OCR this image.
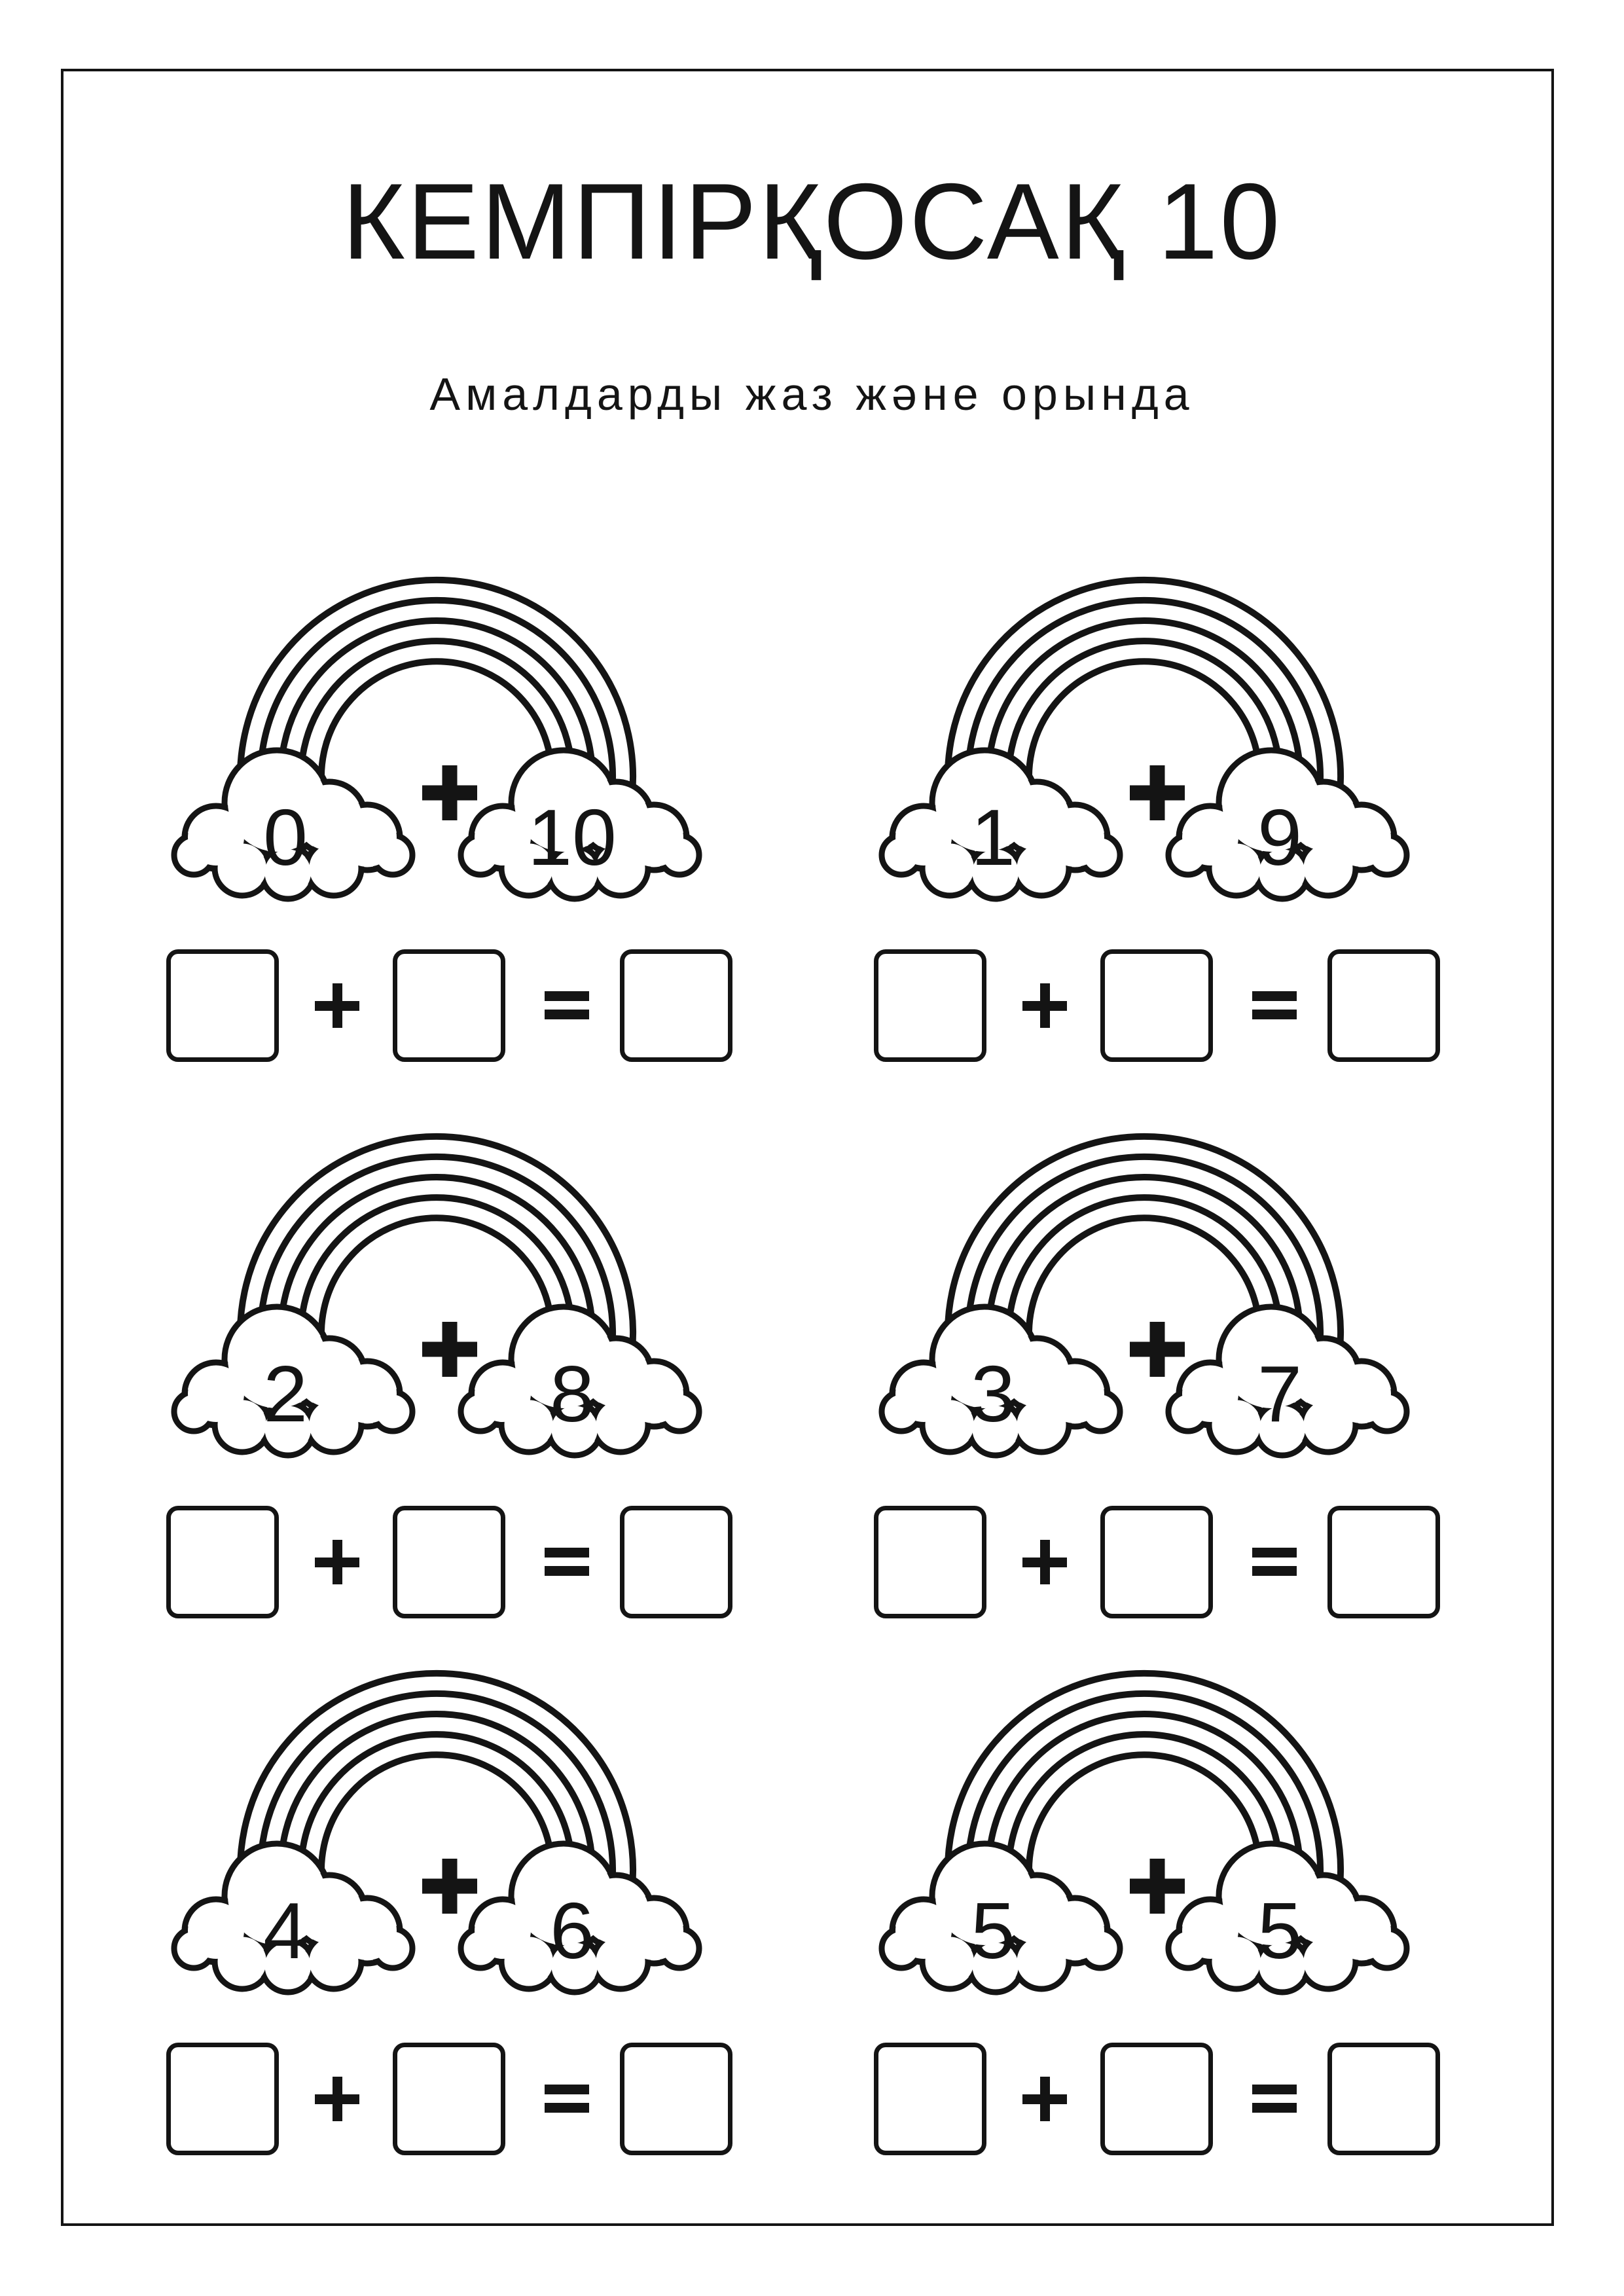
КЕМПІРҚОСАҚ 10
Амалдарды жаз және орында
0	10	1	9
2	8	3	7
4	6	5	5
